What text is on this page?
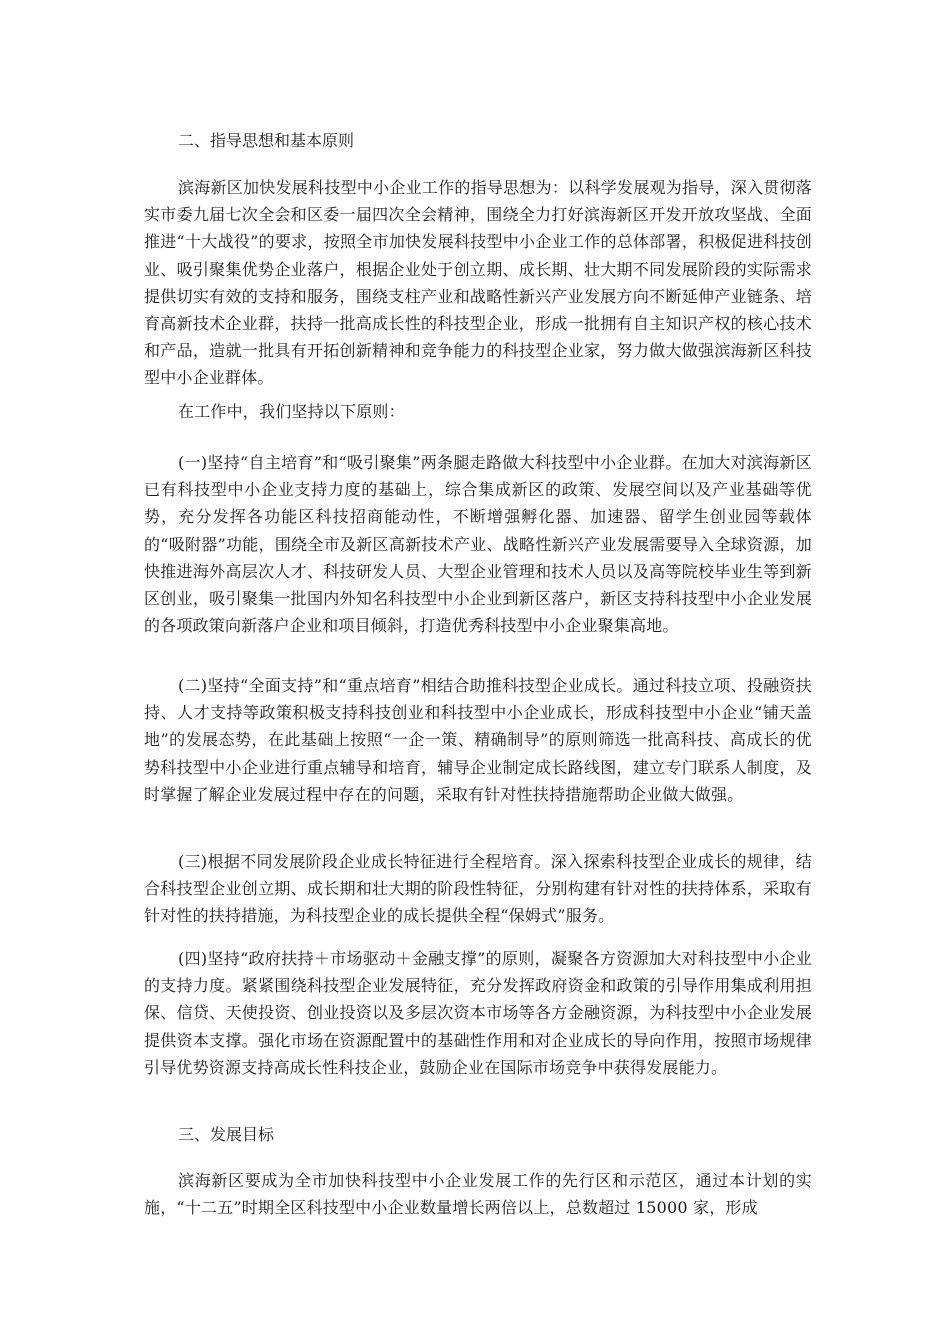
二、指导思想和基本原则

滨海新区加快发展科技型中小企业工作的指导思想为：以科学发展观为指导，深入贯彻落实市委九届七次全会和区委一届四次全会精神，围绕全力打好滨海新区开发开放攻坚战、全面推进“十大战役”的要求，按照全市加快发展科技型中小企业工作的总体部署，积极促进科技创业、吸引聚集优势企业落户，根据企业处于创立期、成长期、壮大期不同发展阶段的实际需求提供切实有效的支持和服务，围绕支柱产业和战略性新兴产业发展方向不断延伸产业链条、培育高新技术企业群，扶持一批高成长性的科技型企业，形成一批拥有自主知识产权的核心技术和产品，造就一批具有开拓创新精神和竞争能力的科技型企业家，努力做大做强滨海新区科技型中小企业群体。

在工作中，我们坚持以下原则：

(一)坚持“自主培育”和“吸引聚集”两条腿走路做大科技型中小企业群。在加大对滨海新区已有科技型中小企业支持力度的基础上，综合集成新区的政策、发展空间以及产业基础等优势，充分发挥各功能区科技招商能动性，不断增强孵化器、加速器、留学生创业园等载体的“吸附器”功能，围绕全市及新区高新技术产业、战略性新兴产业发展需要导入全球资源，加快推进海外高层次人才、科技研发人员、大型企业管理和技术人员以及高等院校毕业生等到新区创业，吸引聚集一批国内外知名科技型中小企业到新区落户，新区支持科技型中小企业发展的各项政策向新落户企业和项目倾斜，打造优秀科技型中小企业聚集高地。

(二)坚持“全面支持”和“重点培育”相结合助推科技型企业成长。通过科技立项、投融资扶持、人才支持等政策积极支持科技创业和科技型中小企业成长，形成科技型中小企业“铺天盖地”的发展态势，在此基础上按照“一企一策、精确制导”的原则筛选一批高科技、高成长的优势科技型中小企业进行重点辅导和培育，辅导企业制定成长路线图，建立专门联系人制度，及时掌握了解企业发展过程中存在的问题，采取有针对性扶持措施帮助企业做大做强。

(三)根据不同发展阶段企业成长特征进行全程培育。深入探索科技型企业成长的规律，结合科技型企业创立期、成长期和壮大期的阶段性特征，分别构建有针对性的扶持体系，采取有针对性的扶持措施，为科技型企业的成长提供全程“保姆式”服务。

(四)坚持“政府扶持＋市场驱动＋金融支撑”的原则，凝聚各方资源加大对科技型中小企业的支持力度。紧紧围绕科技型企业发展特征，充分发挥政府资金和政策的引导作用集成利用担保、信贷、天使投资、创业投资以及多层次资本市场等各方金融资源，为科技型中小企业发展提供资本支撑。强化市场在资源配置中的基础性作用和对企业成长的导向作用，按照市场规律引导优势资源支持高成长性科技企业，鼓励企业在国际市场竞争中获得发展能力。

三、发展目标

滨海新区要成为全市加快科技型中小企业发展工作的先行区和示范区，通过本计划的实施，“十二五”时期全区科技型中小企业数量增长两倍以上，总数超过 15000 家，形成
